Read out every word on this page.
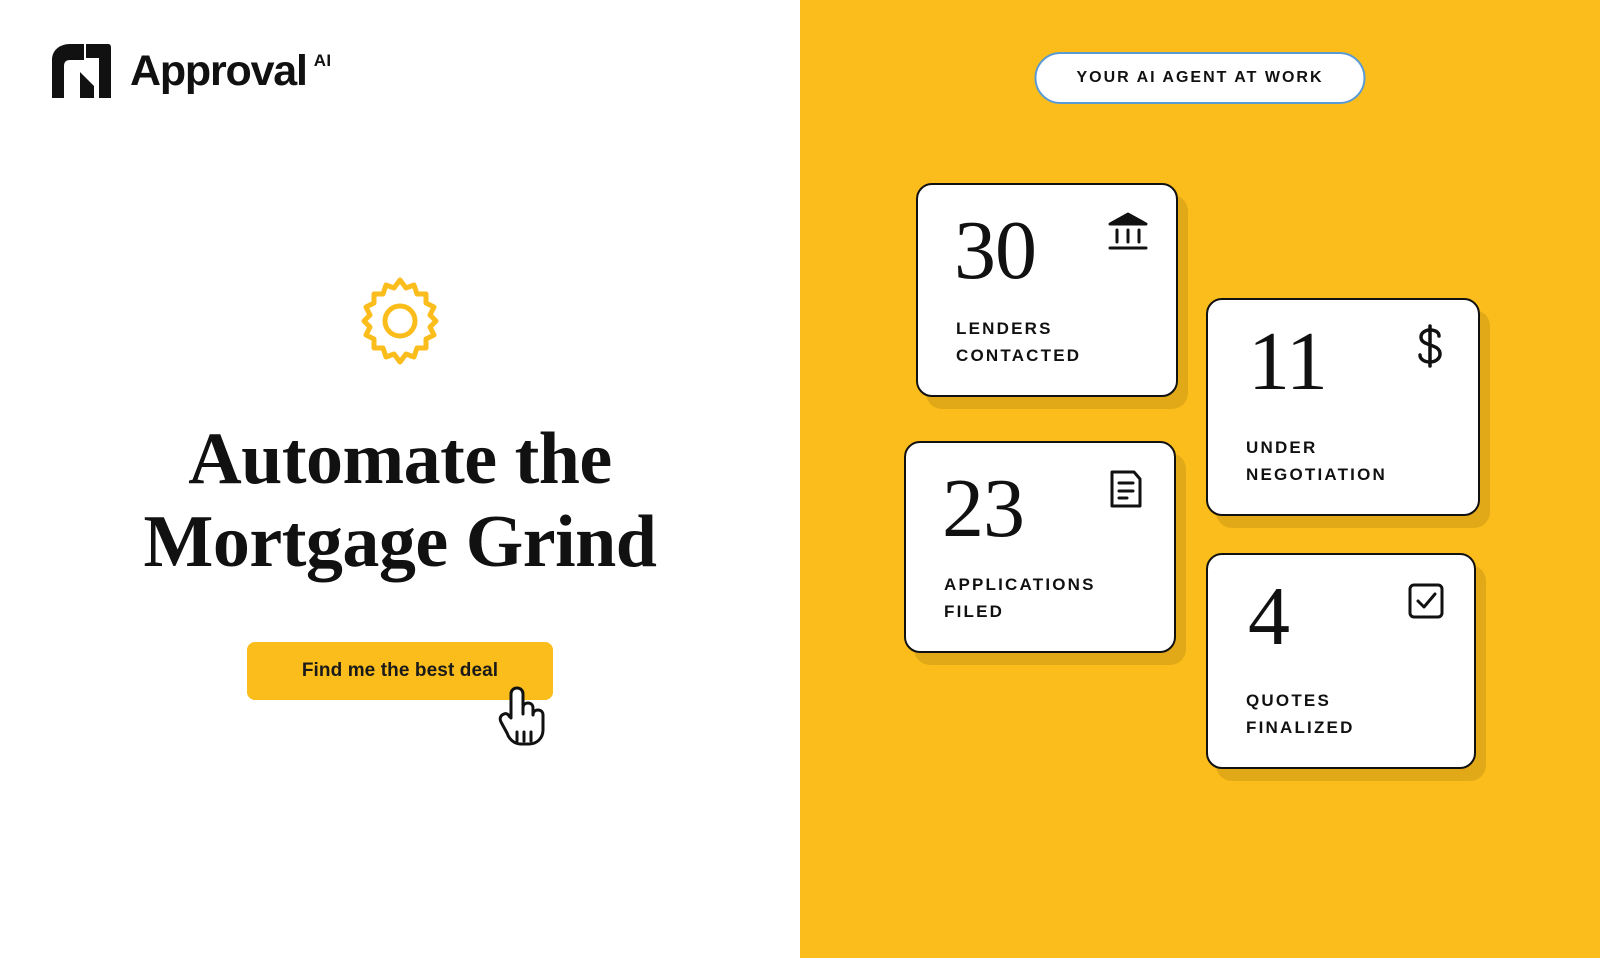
Approval AI
Automate the
Mortgage Grind
Find me the best deal
YOUR AI AGENT AT WORK
30
LENDERS
CONTACTED 11
UNDER
NEGOTIATION
23
APPLICATIONS
FILED	4
QUOTES
FINALIZED
